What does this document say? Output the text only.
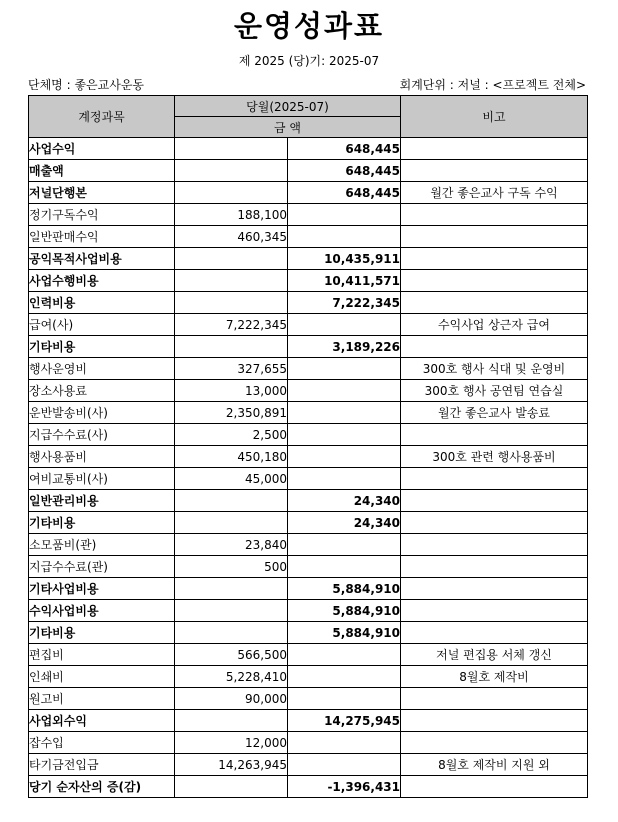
운영성과표
제 2025 (당)기: 2025-07
단체명 : 좋은교사운동	회계단위 : 저널 : <프로젝트 전체>
계정과목	당월(2025-07)		비고
	금 액		
사업수익		648,445	
매출액		648,445	
저널단행본		648,445	월간 좋은교사 구독 수익
정기구독수익	188,100		
일반판매수익	460,345		
공익목적사업비용		10,435,911	
사업수행비용		10,411,571	
인력비용		7,222,345	
급여(사)	7,222,345		수익사업 상근자 급여
기타비용		3,189,226	
행사운영비	327,655		300호 행사 식대 및 운영비
장소사용료	13,000		300호 행사 공연팀 연습실
운반발송비(사)	2,350,891		월간 좋은교사 발송료
지급수수료(사)	2,500		
행사용품비	450,180		300호 관련 행사용품비
여비교통비(사)	45,000		
일반관리비용		24,340	
기타비용		24,340	
소모품비(관)	23,840		
지급수수료(관)	500		
기타사업비용		5,884,910	
수익사업비용		5,884,910	
기타비용		5,884,910	
편집비	566,500		저널 편집용 서체 갱신
인쇄비	5,228,410		8월호 제작비
원고비	90,000		
사업외수익		14,275,945	
잡수입	12,000		
타기금전입금	14,263,945		8월호 제작비 지원 외
당기 순자산의 증(감)		-1,396,431	
